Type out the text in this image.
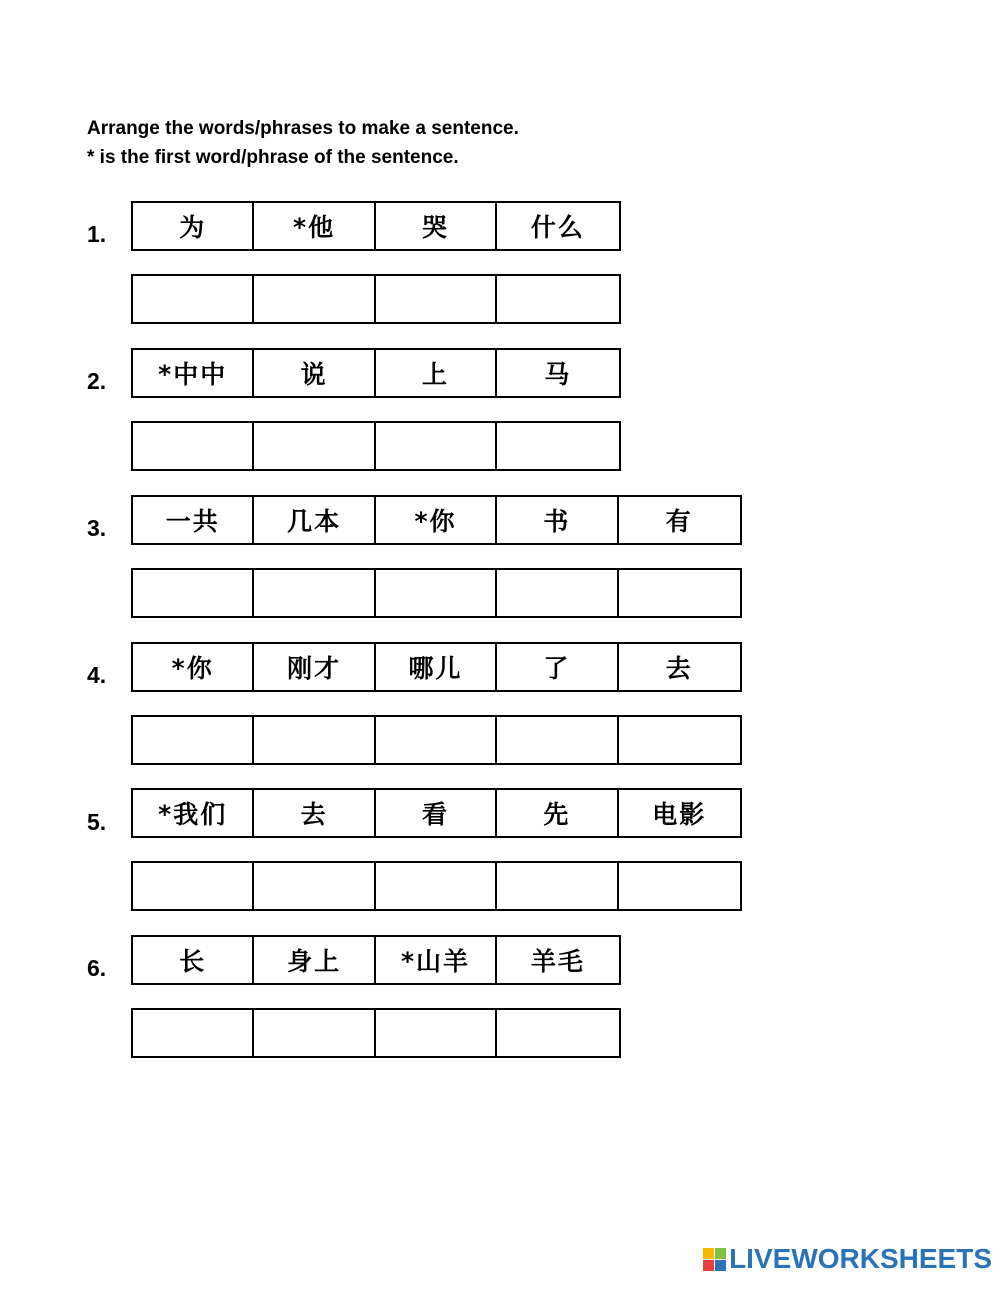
Arrange the words/phrases to make a sentence.
* is the first word/phrase of the sentence.
1.	为	*他	哭	什么
2.	*中中	说	上	马
3.	一共	几本	*你	书	有
4.	*你	刚才	哪儿	了	去
5.	*我们	去	看	先	电影
6.	长	身上	*山羊	羊毛
LIVEWORKSHEETS
